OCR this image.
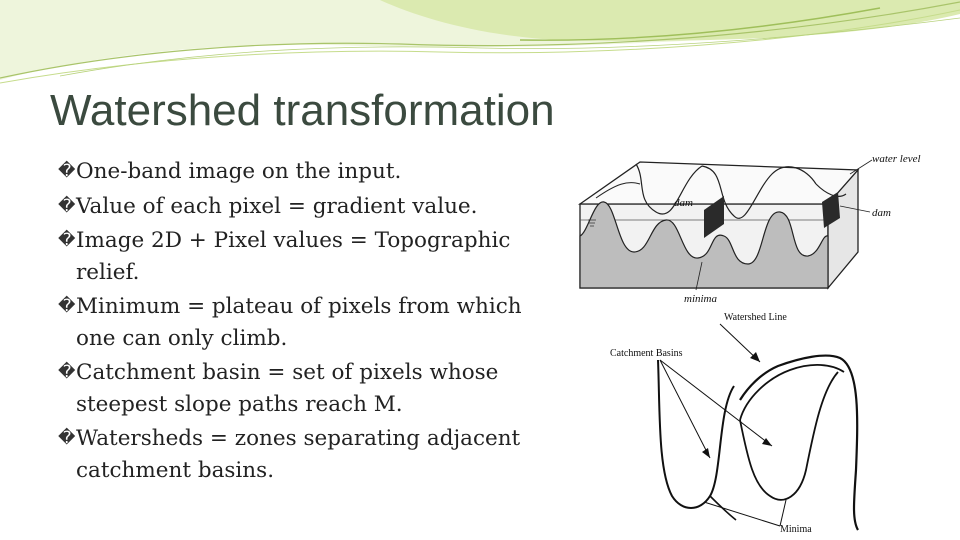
Watershed transformation
� One-band image on the input.
� Value of each pixel = gradient value.
� Image 2D + Pixel values = Topographic relief.
� Minimum = plateau of pixels from which one can only climb.
� Catchment basin = set of pixels whose steepest slope paths reach M.
� Watersheds = zones separating adjacent catchment basins.
water level
dam
dam
minima
Watershed Line
Catchment Basins
Minima
